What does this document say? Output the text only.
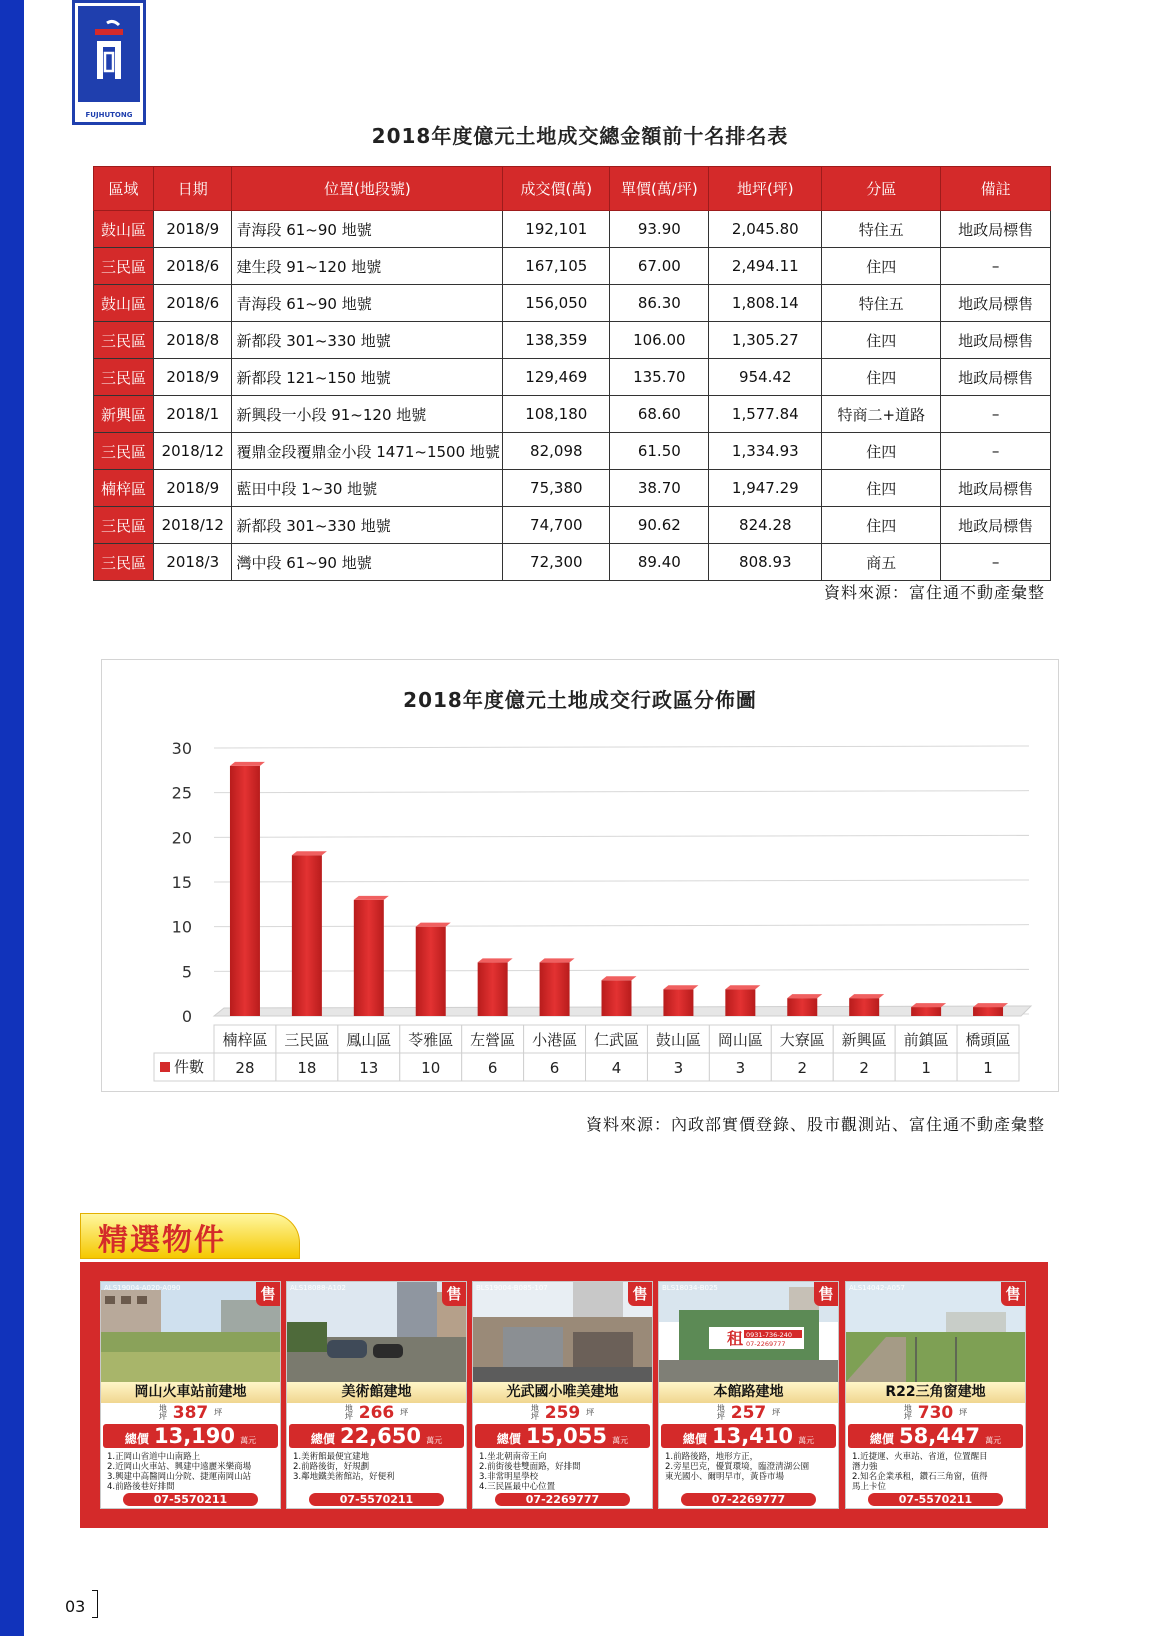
FUJHUTONG
2018年度億元土地成交總金額前十名排名表
區域	日期	位置(地段號)	成交價(萬)	單價(萬/坪)	地坪(坪)	分區	備註
鼓山區	2018/9	青海段 61~90 地號	192,101	93.90	2,045.80	特住五	地政局標售
三民區	2018/6	建生段 91~120 地號	167,105	67.00	2,494.11	住四	–
鼓山區	2018/6	青海段 61~90 地號	156,050	86.30	1,808.14	特住五	地政局標售
三民區	2018/8	新都段 301~330 地號	138,359	106.00	1,305.27	住四	地政局標售
三民區	2018/9	新都段 121~150 地號	129,469	135.70	954.42	住四	地政局標售
新興區	2018/1	新興段一小段 91~120 地號	108,180	68.60	1,577.84	特商二+道路	–
三民區	2018/12	覆鼎金段覆鼎金小段 1471~1500 地號	82,098	61.50	1,334.93	住四	–
楠梓區	2018/9	藍田中段 1~30 地號	75,380	38.70	1,947.29	住四	地政局標售
三民區	2018/12	新都段 301~330 地號	74,700	90.62	824.28	住四	地政局標售
三民區	2018/3	灣中段 61~90 地號	72,300	89.40	808.93	商五	–
資料來源：富住通不動產彙整
2018年度億元土地成交行政區分佈圖
0
5
10
15
20
25
30
楠梓區
28
三民區
18
鳳山區
13
苓雅區
10
左營區
6
小港區
6
仁武區
4
鼓山區
3
岡山區
3
大寮區
2
新興區
2
前鎮區
1
橋頭區
1
件數
資料來源：內政部實價登錄、股市觀測站、富住通不動產彙整
精選物件
ALS19004-A020-A090	售
岡山火車站前建地
地
坪 387 坪
總價 13,190 萬元
1.正岡山省道中山南路上
2.近岡山火車站、興建中遠麗米樂商場
3.興建中高醫岡山分院、捷運南岡山站
4.前路後巷好排間
07-5570211
ALS18088-A102	售
美術館建地
地
坪 266 坪
總價 22,650 萬元
1.美術館最便宜建地
2.前路後街，好規劃
3.鄰地鐵美術館站，好便利
07-5570211
BLS19004-B085-107	售
光武國小唯美建地
地
坪 259 坪
總價 15,055 萬元
1.坐北朝南帝王向
2.前街後巷雙面路，好排間
3.非常明星學校
4.三民區最中心位置
07-2269777
租 0931-736-240
07-2269777
BLS18034-B025	售
本館路建地
地
坪 257 坪
總價 13,410 萬元
1.前路後路，地形方正，
2.旁星巴克，優質環境，臨澄清湖公園
東光國小、爾明早市，黃昏市場
07-2269777
ALS14042-A057	售
R22三角窗建地
地
坪 730 坪
總價 58,447 萬元
1.近捷運、火車站、省道，位置醒目
潛力強
2.知名企業承租，鑽石三角窗，值得
馬上卡位
07-5570211
03
